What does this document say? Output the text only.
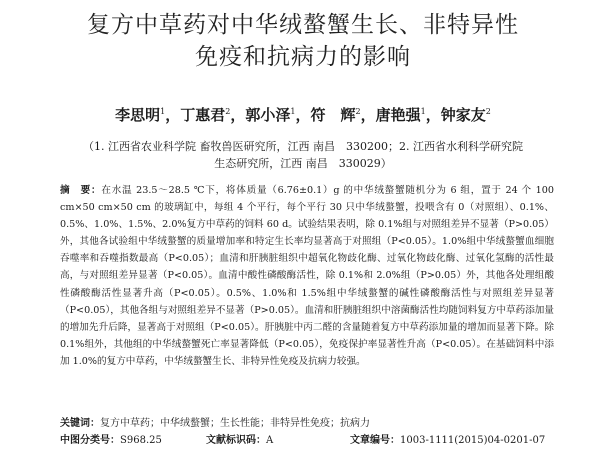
复方中草药对中华绒螯蟹生长、非特异性
免疫和抗病力的影响
李思明$^1$，丁惠君$^2$，郭小泽$^1$，符　辉$^2$，唐艳强$^1$，钟家友$^2$
（1. 江西省农业科学院 畜牧兽医研究所，江西 南昌　330200；2. 江西省水利科学研究院
生态研究所，江西 南昌　330029）
摘　要：在水温 23.5～28.5 ℃下，将体质量（6.76±0.1）g 的中华绒螯蟹随机分为 6 组，置于 24 个 100 cm×50 cm×50 cm 的玻璃缸中，每组 4 个平行，每个平行 30 只中华绒螯蟹，投喂含有 0（对照组）、0.1%、0.5%、1.0%、1.5%、2.0%复方中草药的饲料 60 d。试验结果表明，除 0.1%组与对照组差异不显著（P>0.05）外，其他各试验组中华绒螯蟹的质量增加率和特定生长率均显著高于对照组（P<0.05）。1.0%组中华绒螯蟹血细胞吞噬率和吞噬指数最高（P<0.05）；血清和肝胰脏组织中超氧化物歧化酶、过氧化物歧化酶、过氧化氢酶的活性最高，与对照组差异显著（P<0.05）。血清中酸性磷酸酶活性，除 0.1%和 2.0%组（P>0.05）外，其他各处理组酸性磷酸酶活性显著升高（P<0.05）。0.5%、1.0%和 1.5%组中华绒螯蟹的碱性磷酸酶活性与对照组差异显著（P<0.05），其他各组与对照组差异不显著（P>0.05）。血清和肝胰脏组织中溶菌酶活性均随饲料复方中草药添加量的增加先升后降，显著高于对照组（P<0.05）。肝胰脏中丙二醛的含量随着复方中草药添加量的增加而显著下降。除 0.1%组外，其他组的中华绒螯蟹死亡率显著降低（P<0.05），免疫保护率显著性升高（P<0.05）。在基础饲料中添加 1.0%的复方中草药，中华绒螯蟹生长、非特异性免疫及抗病力较强。
关键词：复方中草药；中华绒螯蟹；生长性能；非特异性免疫；抗病力
中图分类号：S968.25	文献标识码：A	文章编号：1003-1111(2015)04-0201-07
